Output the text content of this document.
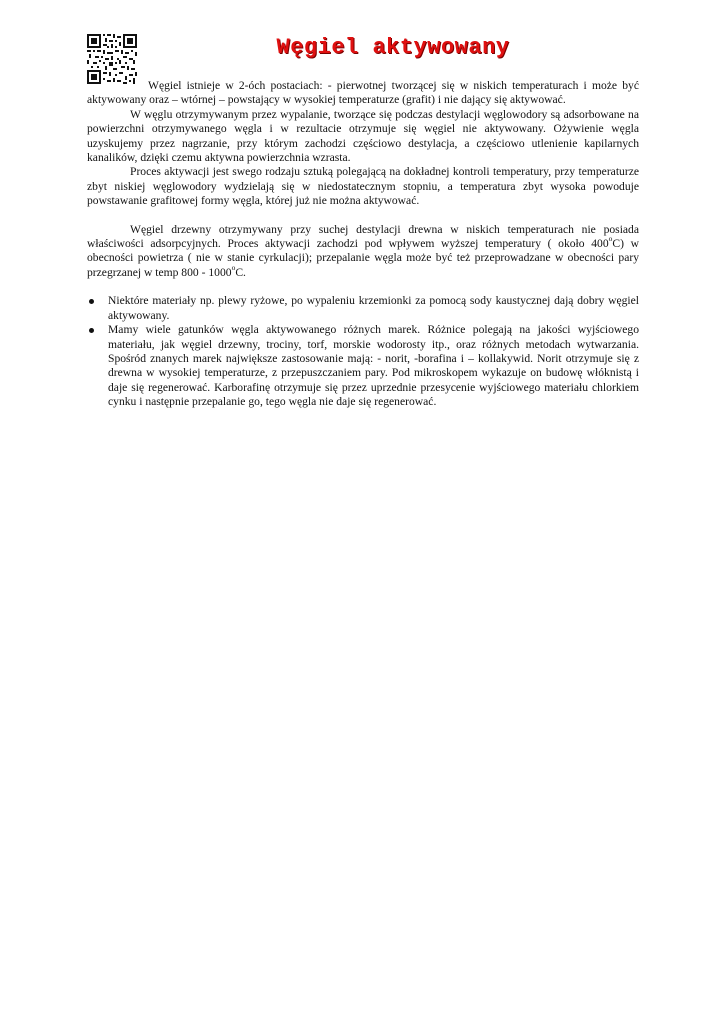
Węgiel aktywowany

Węgiel istnieje w 2-óch postaciach: - pierwotnej tworzącej się w niskich temperaturach i może być aktywowany oraz – wtórnej – powstający w wysokiej temperaturze (grafit) i nie dający się aktywować.

W węglu otrzymywanym przez wypalanie, tworzące się podczas destylacji węglowodory są adsorbowane na powierzchni otrzymywanego węgla i w rezultacie otrzymuje się węgiel nie aktywowany. Ożywienie węgla uzyskujemy przez nagrzanie, przy którym zachodzi częściowo destylacja, a częściowo utlenienie kapilarnych kanalików, dzięki czemu aktywna powierzchnia wzrasta.

Proces aktywacji jest swego rodzaju sztuką polegającą na dokładnej kontroli temperatury, przy temperaturze zbyt niskiej węglowodory wydzielają się w niedostatecznym stopniu, a temperatura zbyt wysoka powoduje powstawanie grafitowej formy węgla, której już nie można aktywować.

Węgiel drzewny otrzymywany przy suchej destylacji drewna w niskich temperaturach nie posiada właściwości adsorpcyjnych. Proces aktywacji zachodzi pod wpływem wyższej temperatury ( około 400$^o$C) w obecności powietrza ( nie w stanie cyrkulacji); przepalanie węgla może być też przeprowadzane w obecności pary przegrzanej w temp 800 - 1000$^o$C.

Niektóre materiały np. plewy ryżowe, po wypaleniu krzemionki za pomocą sody kaustycznej dają dobry węgiel aktywowany.
Mamy wiele gatunków węgla aktywowanego różnych marek. Różnice polegają na jakości wyjściowego materiału, jak węgiel drzewny, trociny, torf, morskie wodorosty itp., oraz różnych metodach wytwarzania. Spośród znanych marek największe zastosowanie mają: - norit, -borafina i – kollakywid. Norit otrzymuje się z drewna w wysokiej temperaturze, z przepuszczaniem pary. Pod mikroskopem wykazuje on budowę włóknistą i daje się regenerować. Karborafinę otrzymuje się przez uprzednie przesycenie wyjściowego materiału chlorkiem cynku i następnie przepalanie go, tego węgla nie daje się regenerować.
